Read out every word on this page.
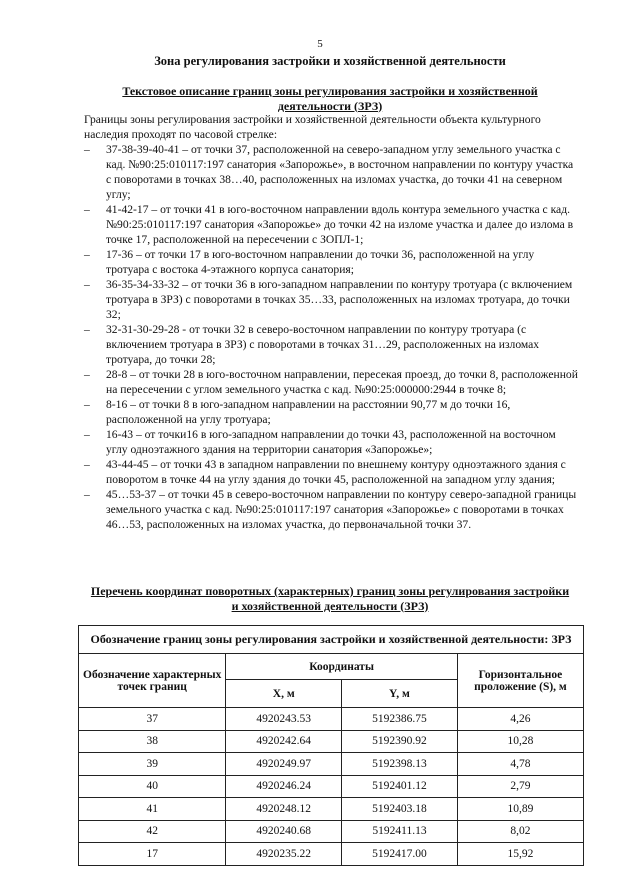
5
Зона регулирования застройки и хозяйственной деятельности
Текстовое описание границ зоны регулирования застройки и хозяйственной
деятельности (ЗРЗ)

Границы зоны регулирования застройки и хозяйственной деятельности объекта культурного наследия проходят по часовой стрелке:

– 37-38-39-40-41 – от точки 37, расположенной на северо-западном углу земельного участка с кад. №90:25:010117:197 санатория «Запорожье», в восточном направлении по контуру участка с поворотами в точках 38…40, расположенных на изломах участка, до точки 41 на северном углу;
– 41-42-17 – от точки 41 в юго-восточном направлении вдоль контура земельного участка с кад. №90:25:010117:197 санатория «Запорожье» до точки 42 на изломе участка и далее до излома в точке 17, расположенной на пересечении с ЗОПЛ-1;
– 17-36 – от точки 17 в юго-восточном направлении до точки 36, расположенной на углу тротуара с востока 4-этажного корпуса санатория;
– 36-35-34-33-32 – от точки 36 в юго-западном направлении по контуру тротуара (с включением тротуара в ЗРЗ) с поворотами в точках 35…33, расположенных на изломах тротуара, до точки 32;
– 32-31-30-29-28 - от точки 32 в северо-восточном направлении по контуру тротуара (с включением тротуара в ЗРЗ) с поворотами в точках 31…29, расположенных на изломах тротуара, до точки 28;
– 28-8 – от точки 28 в юго-восточном направлении, пересекая проезд, до точки 8, расположенной на пересечении с углом земельного участка с кад. №90:25:000000:2944 в точке 8;
– 8-16 – от точки 8 в юго-западном направлении на расстоянии 90,77 м до точки 16, расположенной на углу тротуара;
– 16-43 – от точки16 в юго-западном направлении до точки 43, расположенной на восточном углу одноэтажного здания на территории санатория «Запорожье»;
– 43-44-45 – от точки 43 в западном направлении по внешнему контуру одноэтажного здания с поворотом в точке 44 на углу здания до точки 45, расположенной на западном углу здания;
– 45…53-37 – от точки 45 в северо-восточном направлении по контуру северо-западной границы земельного участка с кад. №90:25:010117:197 санатория «Запорожье» с поворотами в точках 46…53, расположенных на изломах участка, до первоначальной точки 37.
Перечень координат поворотных (характерных) границ зоны регулирования застройки
и хозяйственной деятельности (ЗРЗ)
Обозначение границ зоны регулирования застройки и хозяйственной деятельности: ЗРЗ			
Обозначение характерных точек границ	Координаты		Горизонтальное проложение (S), м
	X, м	Y, м	
37	4920243.53	5192386.75	4,26
38	4920242.64	5192390.92	10,28
39	4920249.97	5192398.13	4,78
40	4920246.24	5192401.12	2,79
41	4920248.12	5192403.18	10,89
42	4920240.68	5192411.13	8,02
17	4920235.22	5192417.00	15,92
